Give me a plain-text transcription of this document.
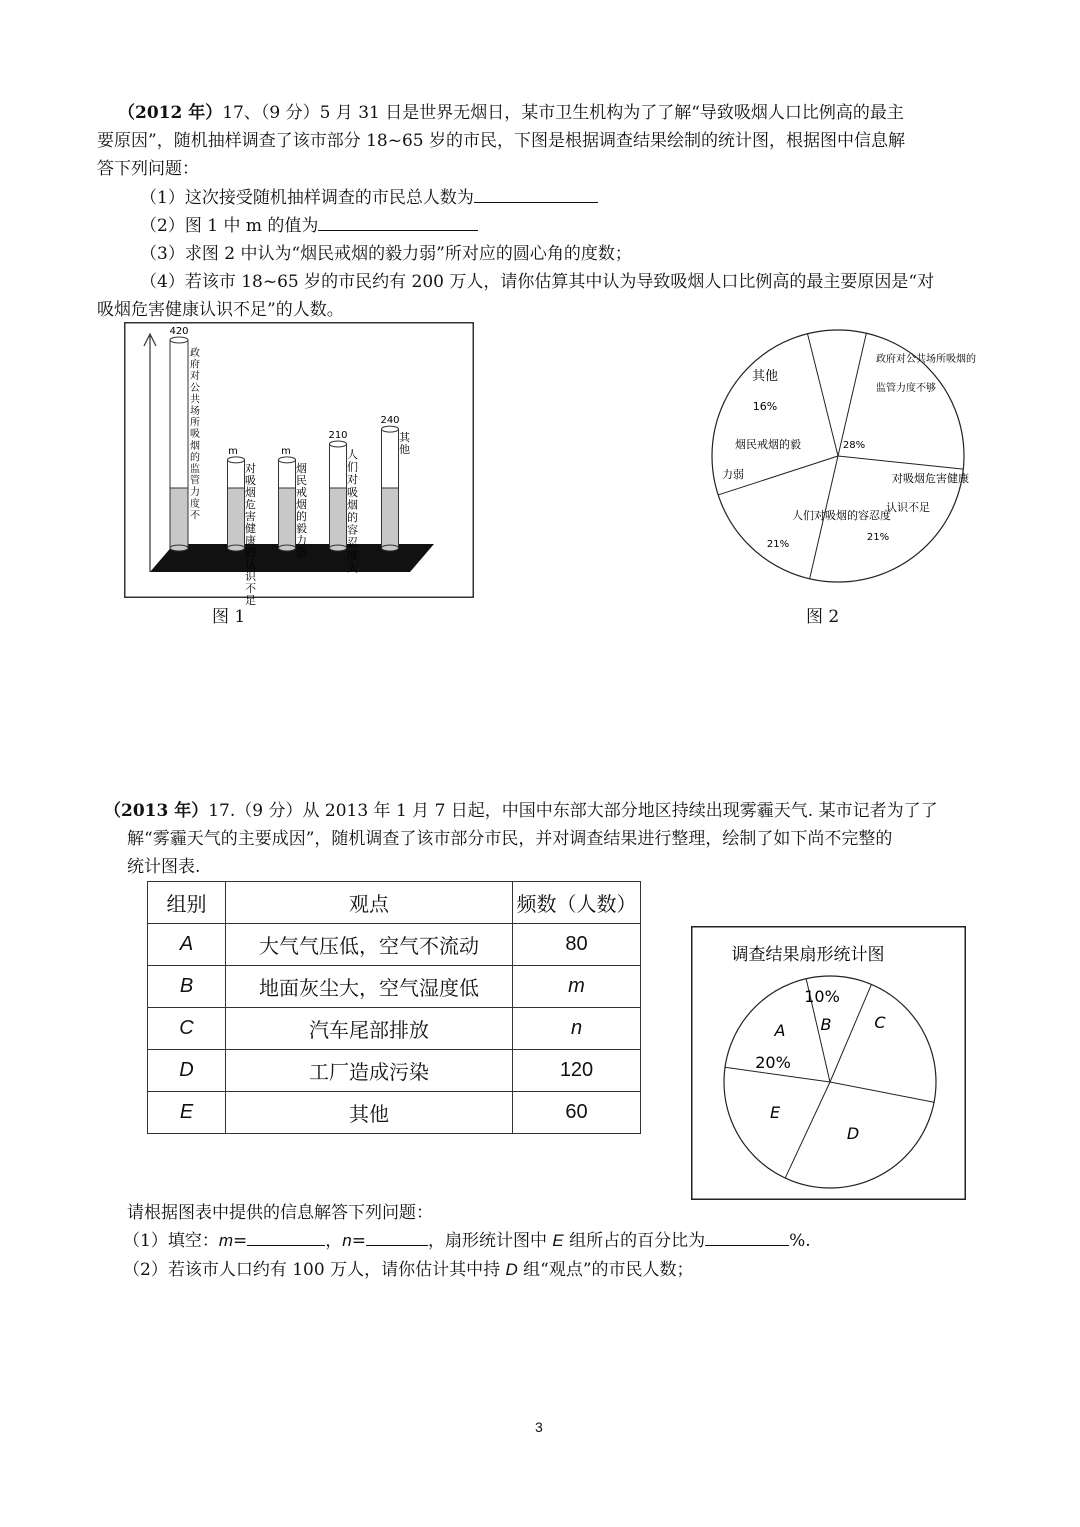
（2012 年）17、（9 分）5 月 31 日是世界无烟日，某市卫生机构为了了解“导致吸烟人口比例高的最主
要原因”，随机抽样调查了该市部分 18~65 岁的市民，下图是根据调查结果绘制的统计图，根据图中信息解
答下列问题：
（1）这次接受随机抽样调查的市民总人数为
（2）图 1 中 m 的值为
（3）求图 2 中认为“烟民戒烟的毅力弱”所对应的圆心角的度数；
（4）若该市 18~65 岁的市民约有 200 万人，请你估算其中认为导致吸烟人口比例高的最主要原因是“对
吸烟危害健康认识不足”的人数。
420
政
府
对
公
共
场
所
吸
烟
的
监
管
力
度
不
m
对
吸
烟
危
害
健
康
的
认
识
不
足
m
烟
民
戒
烟
的
毅
力
弱
210
人
们
对
吸
烟
的
容
忍
度
大
240
其
他
图 1
其他
16%
政府对公共场所吸烟的
监管力度不够
28%
对吸烟危害健康
认识不足
21%
人们对吸烟的容忍度
21%
烟民戒烟的毅
力弱
图 2
（2013 年）17.（9 分）从 2013 年 1 月 7 日起，中国中东部大部分地区持续出现雾霾天气. 某市记者为了了
解“雾霾天气的主要成因”，随机调查了该市部分市民，并对调查结果进行整理，绘制了如下尚不完整的
统计图表.
组别	观点	频数（人数）
A	大气气压低，空气不流动	80
B	地面灰尘大，空气湿度低	m
C	汽车尾部排放	n
D	工厂造成污染	120
E	其他	60
调查结果扇形统计图
A
20%
B
10%
C
D
E
请根据图表中提供的信息解答下列问题：
（1）填空：m=	，n=	，扇形统计图中 E 组所占的百分比为	%.
（2）若该市人口约有 100 万人，请你估计其中持 D 组“观点”的市民人数；
3
